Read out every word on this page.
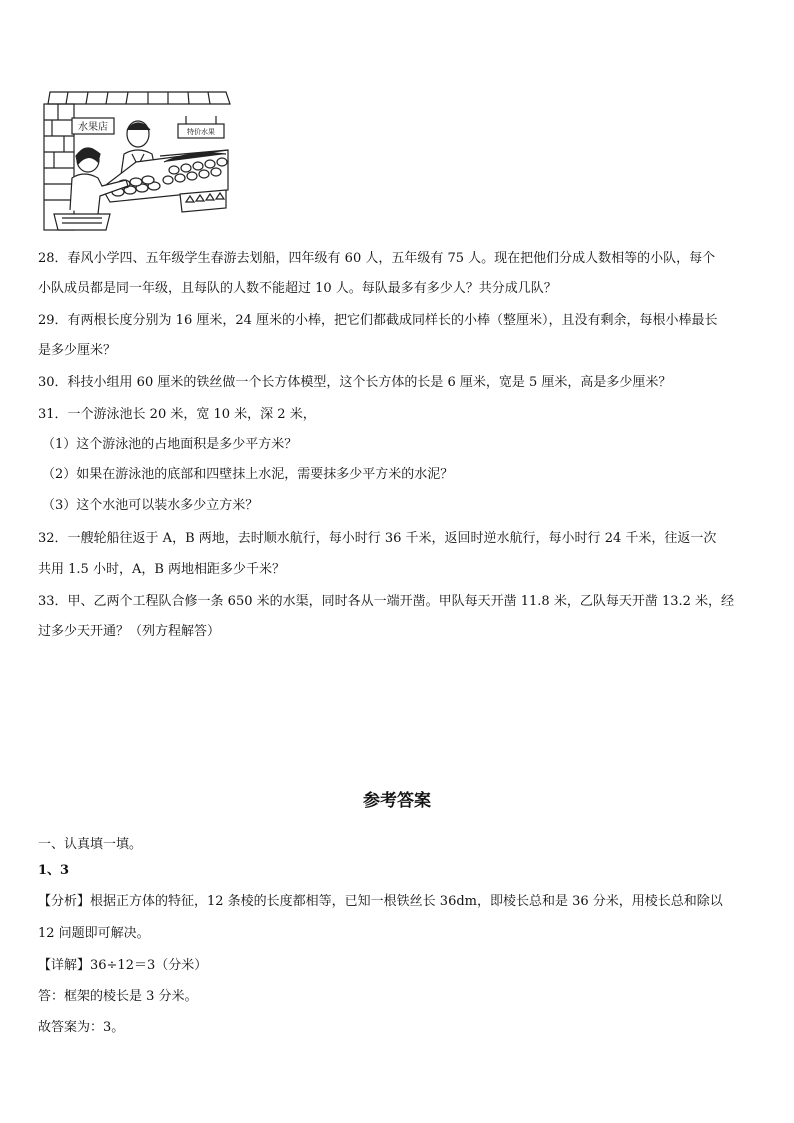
水果店	特价水果
28．春风小学四、五年级学生春游去划船，四年级有 60 人，五年级有 75 人。现在把他们分成人数相等的小队，每个
小队成员都是同一年级，且每队的人数不能超过 10 人。每队最多有多少人？共分成几队？
29．有两根长度分别为 16 厘米，24 厘米的小棒，把它们都截成同样长的小棒（整厘米），且没有剩余，每根小棒最长
是多少厘米？
30．科技小组用 60 厘米的铁丝做一个长方体模型，这个长方体的长是 6 厘米，宽是 5 厘米，高是多少厘米？
31．一个游泳池长 20 米，宽 10 米，深 2 米，
（1）这个游泳池的占地面积是多少平方米？
（2）如果在游泳池的底部和四壁抹上水泥，需要抹多少平方米的水泥？
（3）这个水池可以装水多少立方米？
32．一艘轮船往返于 A，B 两地，去时顺水航行，每小时行 36 千米，返回时逆水航行，每小时行 24 千米，往返一次
共用 1.5 小时，A，B 两地相距多少千米？
33．甲、乙两个工程队合修一条 650 米的水渠，同时各从一端开凿。甲队每天开凿 11.8 米，乙队每天开凿 13.2 米，经
过多少天开通？（列方程解答）
参考答案
一、认真填一填。
1、3
【分析】根据正方体的特征，12 条棱的长度都相等，已知一根铁丝长 36dm，即棱长总和是 36 分米，用棱长总和除以
12 问题即可解决。
【详解】36÷12＝3（分米）
答：框架的棱长是 3 分米。
故答案为：3。
